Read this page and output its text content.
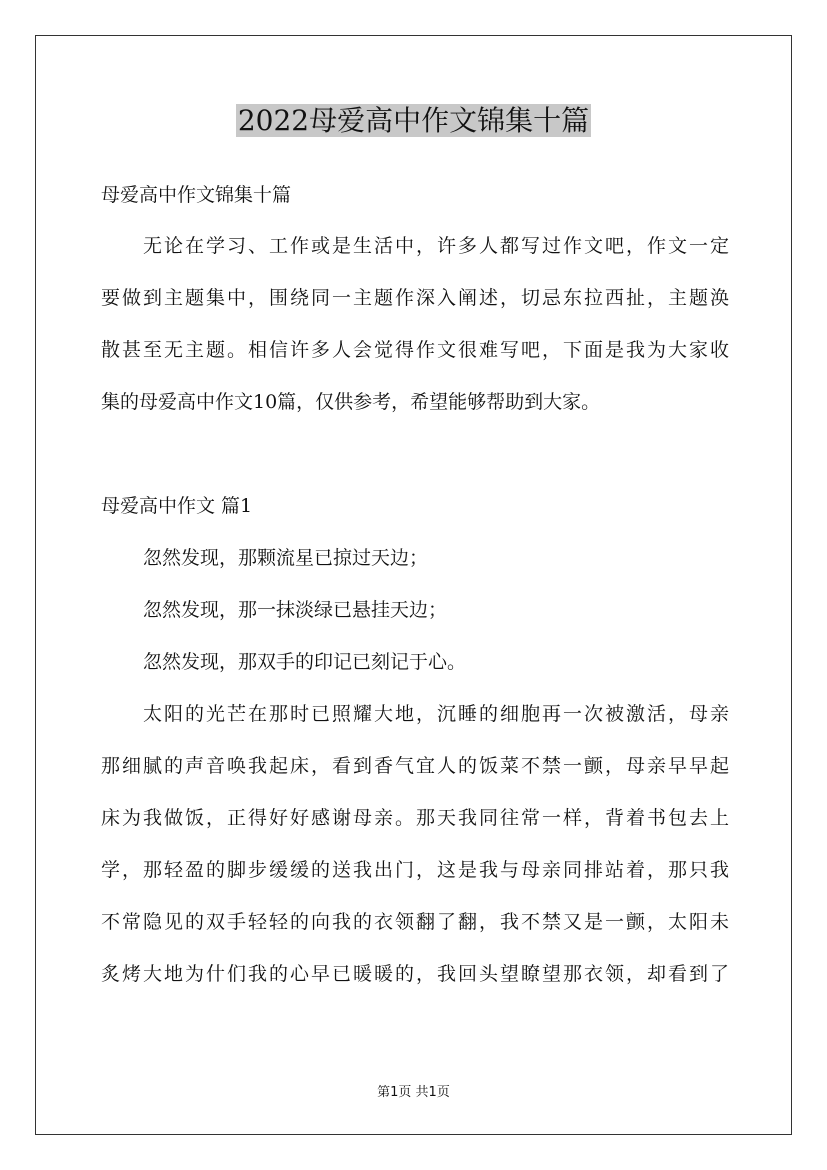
2022母爱高中作文锦集十篇

母爱高中作文锦集十篇

无论在学习、工作或是生活中，许多人都写过作文吧，作文一定

要做到主题集中，围绕同一主题作深入阐述，切忌东拉西扯，主题涣

散甚至无主题。相信许多人会觉得作文很难写吧，下面是我为大家收

集的母爱高中作文10篇，仅供参考，希望能够帮助到大家。

母爱高中作文 篇1

忽然发现，那颗流星已掠过天边；

忽然发现，那一抹淡绿已悬挂天边；

忽然发现，那双手的印记已刻记于心。

太阳的光芒在那时已照耀大地，沉睡的细胞再一次被激活，母亲

那细腻的声音唤我起床，看到香气宜人的饭菜不禁一颤，母亲早早起

床为我做饭，正得好好感谢母亲。那天我同往常一样，背着书包去上

学，那轻盈的脚步缓缓的送我出门，这是我与母亲同排站着，那只我

不常隐见的双手轻轻的向我的衣领翻了翻，我不禁又是一颤，太阳未

炙烤大地为什们我的心早已暖暖的，我回头望瞭望那衣领，却看到了

第1页 共1页
